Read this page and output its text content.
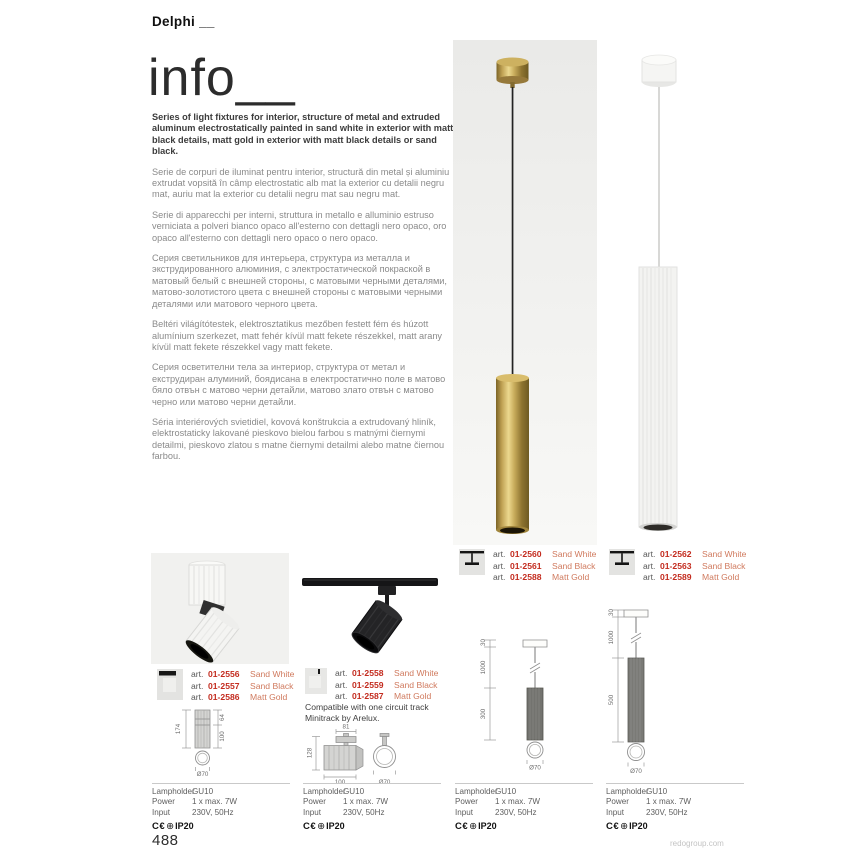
Delphi __
info__

Series of light fixtures for interior, structure of metal and extruded aluminum electrostatically painted in sand white in exterior with matt black details, matt gold in exterior with matt black details or sand black.

Serie de corpuri de iluminat pentru interior, structură din metal și aluminiu extrudat vopsită în câmp electrostatic alb mat la exterior cu detalii negru mat, auriu mat la exterior cu detalii negru mat sau negru mat.

Serie di apparecchi per interni, struttura in metallo e alluminio estruso verniciata a polveri bianco opaco all'esterno con dettagli nero opaco, oro opaco all'esterno con dettagli nero opaco o nero opaco.

Серия светильников для интерьера, структура из металла и экструдированного алюминия, с электростатической покраской в матовый белый с внешней стороны, с матовыми черными деталями, матово-золотистого цвета с внешней стороны с матовыми черными деталями или матового черного цвета.

Beltéri világítótestek, elektrosztatikus mezőben festett fém és húzott alumínium szerkezet, matt fehér kívül matt fekete részekkel, matt arany kívül matt fekete részekkel vagy matt fekete.

Серия осветителни тела за интериор, структура от метал и екструдиран алуминий, боядисана в електростатично поле в матово бяло отвън с матово черни детайли, матово злато отвън с матово черно или матово черни детайли.

Séria interiérových svietidiel, kovová konštrukcia a extrudovaný hliník, elektrostaticky lakované pieskovo bielou farbou s matnými čiernymi detailmi, pieskovo zlatou s matne čiernymi detailmi alebo matne čiernou farbou.

art. 01-2556	Sand White
art. 01-2557	Sand Black
art. 01-2586	Matt Gold
art. 01-2558	Sand White
art. 01-2559	Sand Black
art. 01-2587	Matt Gold
Compatible with one circuit track Minitrack by Arelux.
art. 01-2560	Sand White
art. 01-2561	Sand Black
art. 01-2588	Matt Gold
art. 01-2562	Sand White
art. 01-2563	Sand Black
art. 01-2589	Matt Gold
174
64
100
Ø70
81
128
100	Ø70
30
1000
300
Ø70
30
1000
500
Ø70
Lampholder
GU10
Power	1 x max. 7W
Input	230V, 50Hz
C€ ⊕ IP20
Lampholder
GU10
Power	1 x max. 7W
Input	230V, 50Hz
C€ ⊕ IP20
Lampholder
GU10
Power	1 x max. 7W
Input	230V, 50Hz
C€ ⊕ IP20
Lampholder
GU10
Power	1 x max. 7W
Input	230V, 50Hz
C€ ⊕ IP20
488	redogroup.com
